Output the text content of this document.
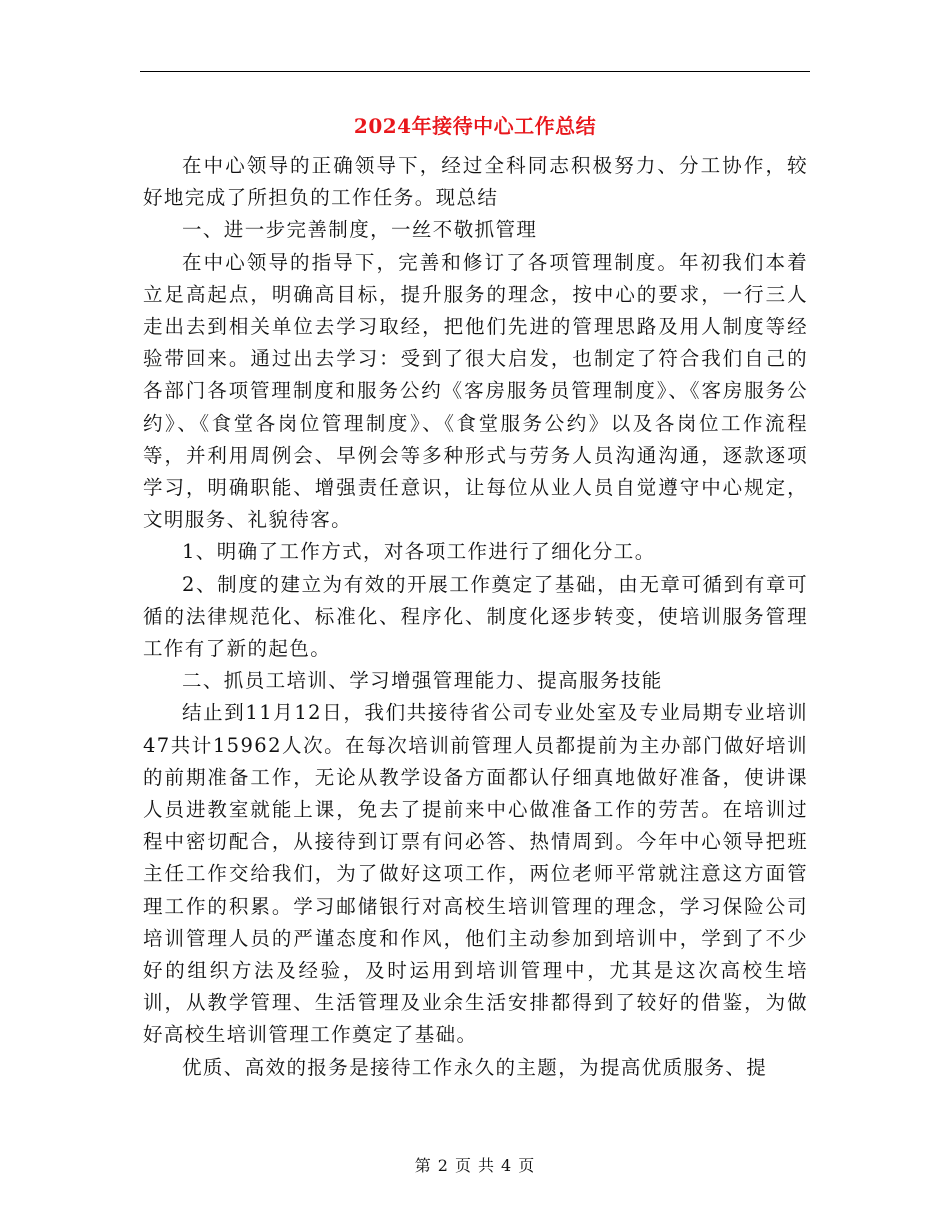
2024年接待中心工作总结

在中心领导的正确领导下，经过全科同志积极努力、分工协作，较好地完成了所担负的工作任务。现总结

一、进一步完善制度，一丝不敬抓管理

在中心领导的指导下，完善和修订了各项管理制度。年初我们本着立足高起点，明确高目标，提升服务的理念，按中心的要求，一行三人走出去到相关单位去学习取经，把他们先进的管理思路及用人制度等经验带回来。通过出去学习：受到了很大启发，也制定了符合我们自己的各部门各项管理制度和服务公约《客房服务员管理制度》、《客房服务公约》、《食堂各岗位管理制度》、《食堂服务公约》以及各岗位工作流程等，并利用周例会、早例会等多种形式与劳务人员沟通沟通，逐款逐项学习，明确职能、增强责任意识，让每位从业人员自觉遵守中心规定，文明服务、礼貌待客。

1、明确了工作方式，对各项工作进行了细化分工。

2、制度的建立为有效的开展工作奠定了基础，由无章可循到有章可循的法律规范化、标准化、程序化、制度化逐步转变，使培训服务管理工作有了新的起色。

二、抓员工培训、学习增强管理能力、提高服务技能

结止到11月12日，我们共接待省公司专业处室及专业局期专业培训47共计15962人次。在每次培训前管理人员都提前为主办部门做好培训的前期准备工作，无论从教学设备方面都认仔细真地做好准备，使讲课人员进教室就能上课，免去了提前来中心做准备工作的劳苦。在培训过程中密切配合，从接待到订票有问必答、热情周到。今年中心领导把班主任工作交给我们，为了做好这项工作，两位老师平常就注意这方面管理工作的积累。学习邮储银行对高校生培训管理的理念，学习保险公司培训管理人员的严谨态度和作风，他们主动参加到培训中，学到了不少好的组织方法及经验，及时运用到培训管理中，尤其是这次高校生培训，从教学管理、生活管理及业余生活安排都得到了较好的借鉴，为做好高校生培训管理工作奠定了基础。

优质、高效的报务是接待工作永久的主题，为提高优质服务、提

第 2 页 共 4 页
